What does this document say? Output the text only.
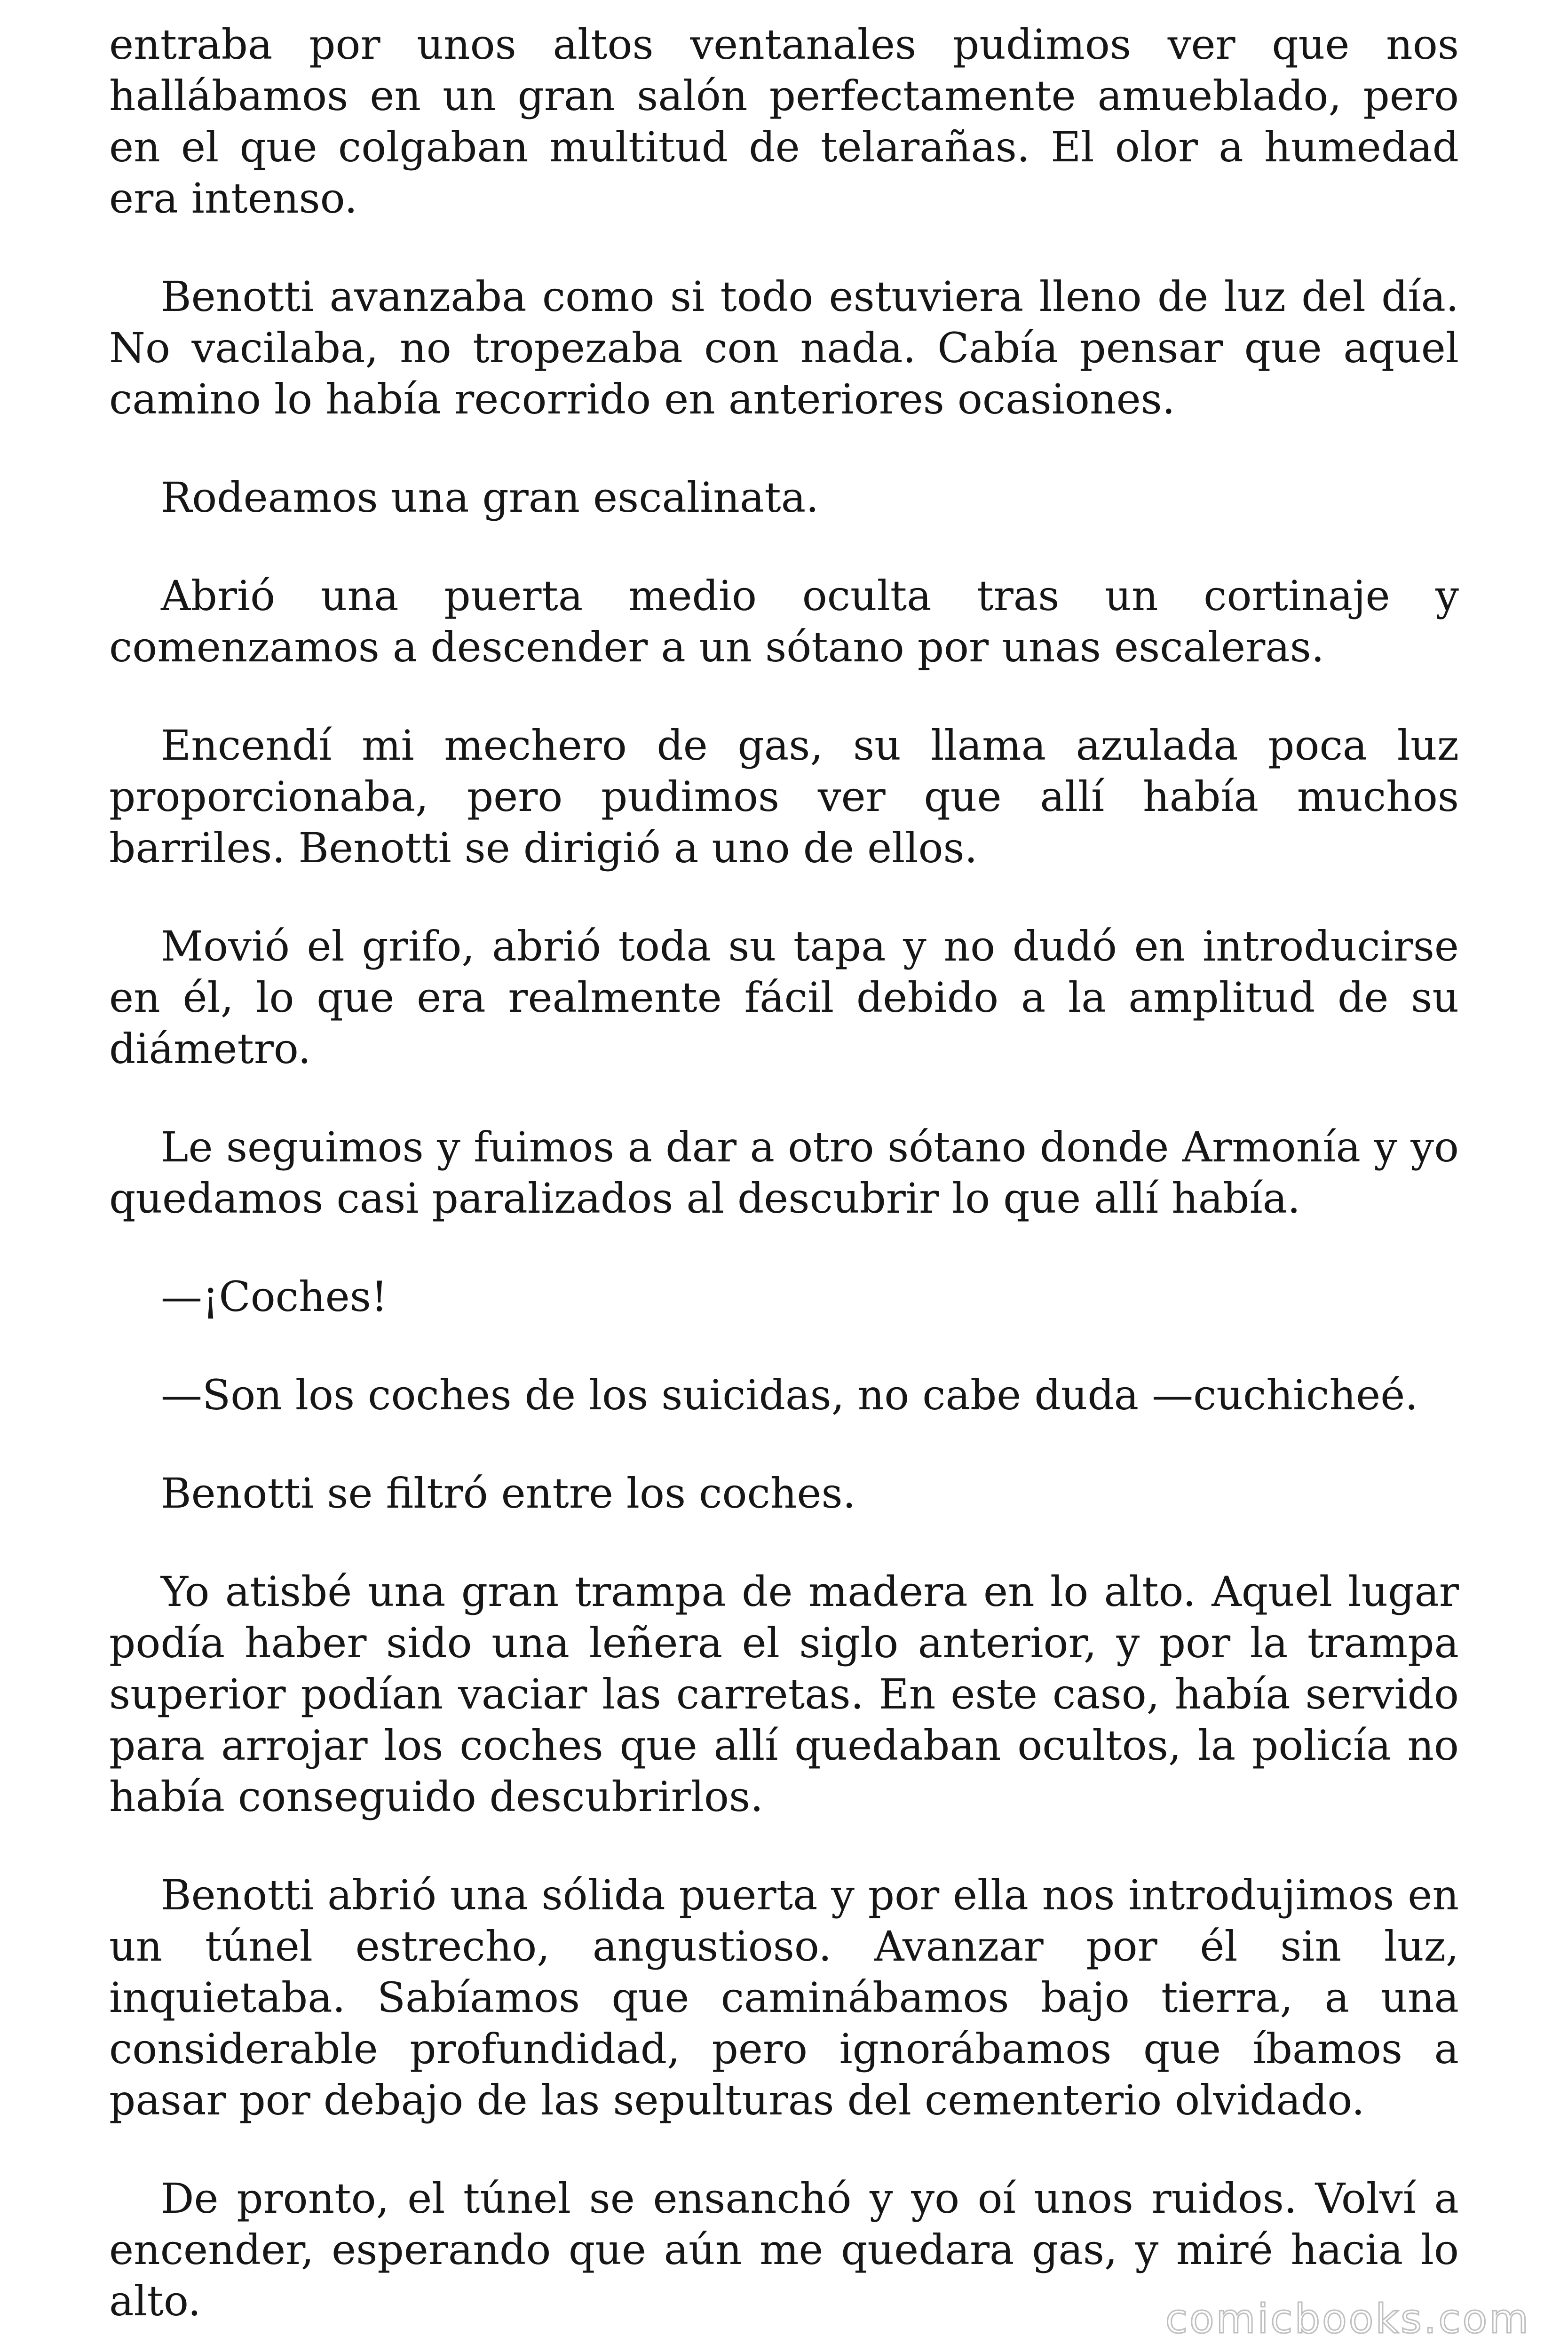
entraba por unos altos ventanales pudimos ver que nos hallábamos en un gran salón perfectamente amueblado, pero en el que colgaban multitud de telarañas. El olor a humedad era intenso.

Benotti avanzaba como si todo estuviera lleno de luz del día. No vacilaba, no tropezaba con nada. Cabía pensar que aquel camino lo había recorrido en anteriores ocasiones.

Rodeamos una gran escalinata.

Abrió una puerta medio oculta tras un cortinaje y comenzamos a descender a un sótano por unas escaleras.

Encendí mi mechero de gas, su llama azulada poca luz proporcionaba, pero pudimos ver que allí había muchos barriles. Benotti se dirigió a uno de ellos.

Movió el grifo, abrió toda su tapa y no dudó en introducirse en él, lo que era realmente fácil debido a la amplitud de su diámetro.

Le seguimos y fuimos a dar a otro sótano donde Armonía y yo quedamos casi paralizados al descubrir lo que allí había.

—¡Coches!

—Son los coches de los suicidas, no cabe duda —cuchicheé.

Benotti se filtró entre los coches.

Yo atisbé una gran trampa de madera en lo alto. Aquel lugar podía haber sido una leñera el siglo anterior, y por la trampa superior podían vaciar las carretas. En este caso, había servido para arrojar los coches que allí quedaban ocultos, la policía no había conseguido descubrirlos.

Benotti abrió una sólida puerta y por ella nos introdujimos en un túnel estrecho, angustioso. Avanzar por él sin luz, inquietaba. Sabíamos que caminábamos bajo tierra, a una considerable profundidad, pero ignorábamos que íbamos a pasar por debajo de las sepulturas del cementerio olvidado.

De pronto, el túnel se ensanchó y yo oí unos ruidos. Volví a encender, esperando que aún me quedara gas, y miré hacia lo alto.	comicbooks.com
